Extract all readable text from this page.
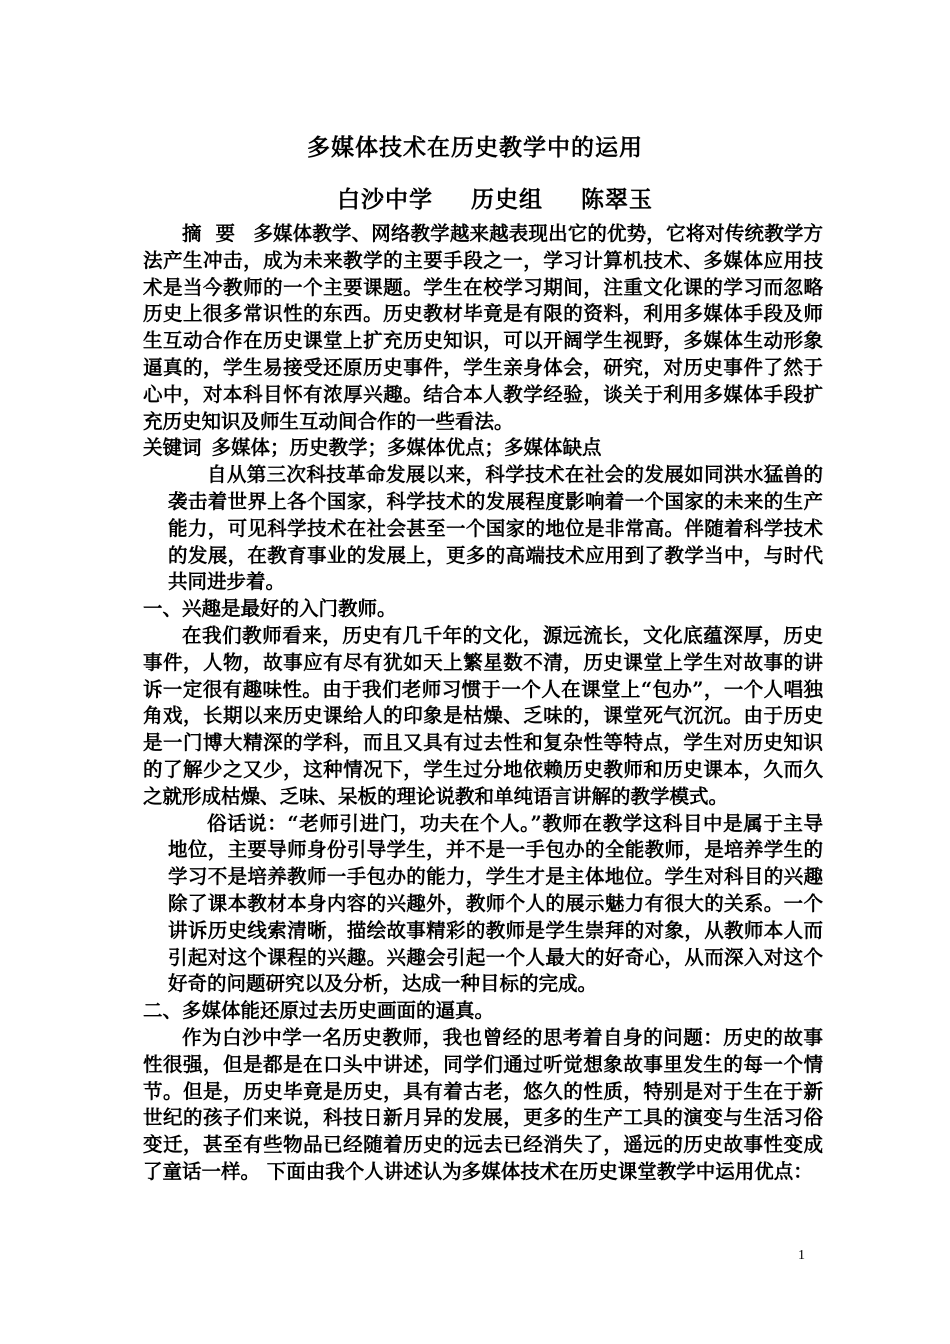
多媒体技术在历史教学中的运用
白沙中学 历史组 陈翠玉

摘  要 多媒体教学、网络教学越来越表现出它的优势，它将对传统教学方法产生冲击，成为未来教学的主要手段之一，学习计算机技术、多媒体应用技术是当今教师的一个主要课题。学生在校学习期间，注重文化课的学习而忽略历史上很多常识性的东西。历史教材毕竟是有限的资料，利用多媒体手段及师生互动合作在历史课堂上扩充历史知识，可以开阔学生视野，多媒体生动形象逼真的，学生易接受还原历史事件，学生亲身体会，研究，对历史事件了然于心中，对本科目怀有浓厚兴趣。结合本人教学经验，谈关于利用多媒体手段扩充历史知识及师生互动间合作的一些看法。

关键词 多媒体；历史教学；多媒体优点；多媒体缺点

自从第三次科技革命发展以来，科学技术在社会的发展如同洪水猛兽的袭击着世界上各个国家，科学技术的发展程度影响着一个国家的未来的生产能力，可见科学技术在社会甚至一个国家的地位是非常高。伴随着科学技术的发展，在教育事业的发展上，更多的高端技术应用到了教学当中，与时代共同进步着。

一、兴趣是最好的入门教师。

在我们教师看来，历史有几千年的文化，源远流长，文化底蕴深厚，历史事件，人物，故事应有尽有犹如天上繁星数不清，历史课堂上学生对故事的讲诉一定很有趣味性。由于我们老师习惯于一个人在课堂上“包办”，一个人唱独角戏，长期以来历史课给人的印象是枯燥、乏味的，课堂死气沉沉。由于历史是一门博大精深的学科，而且又具有过去性和复杂性等特点，学生对历史知识的了解少之又少，这种情况下，学生过分地依赖历史教师和历史课本，久而久之就形成枯燥、乏味、呆板的理论说教和单纯语言讲解的教学模式。

俗话说：“老师引进门，功夫在个人。”教师在教学这科目中是属于主导地位，主要导师身份引导学生，并不是一手包办的全能教师，是培养学生的学习不是培养教师一手包办的能力，学生才是主体地位。学生对科目的兴趣除了课本教材本身内容的兴趣外，教师个人的展示魅力有很大的关系。一个讲诉历史线索清晰，描绘故事精彩的教师是学生崇拜的对象，从教师本人而引起对这个课程的兴趣。兴趣会引起一个人最大的好奇心，从而深入对这个好奇的问题研究以及分析，达成一种目标的完成。

二、多媒体能还原过去历史画面的逼真。

作为白沙中学一名历史教师，我也曾经的思考着自身的问题：历史的故事性很强，但是都是在口头中讲述，同学们通过听觉想象故事里发生的每一个情节。但是，历史毕竟是历史，具有着古老，悠久的性质，特别是对于生在于新世纪的孩子们来说，科技日新月异的发展，更多的生产工具的演变与生活习俗变迁，甚至有些物品已经随着历史的远去已经消失了，遥远的历史故事性变成了童话一样。 下面由我个人讲述认为多媒体技术在历史课堂教学中运用优点：

1
